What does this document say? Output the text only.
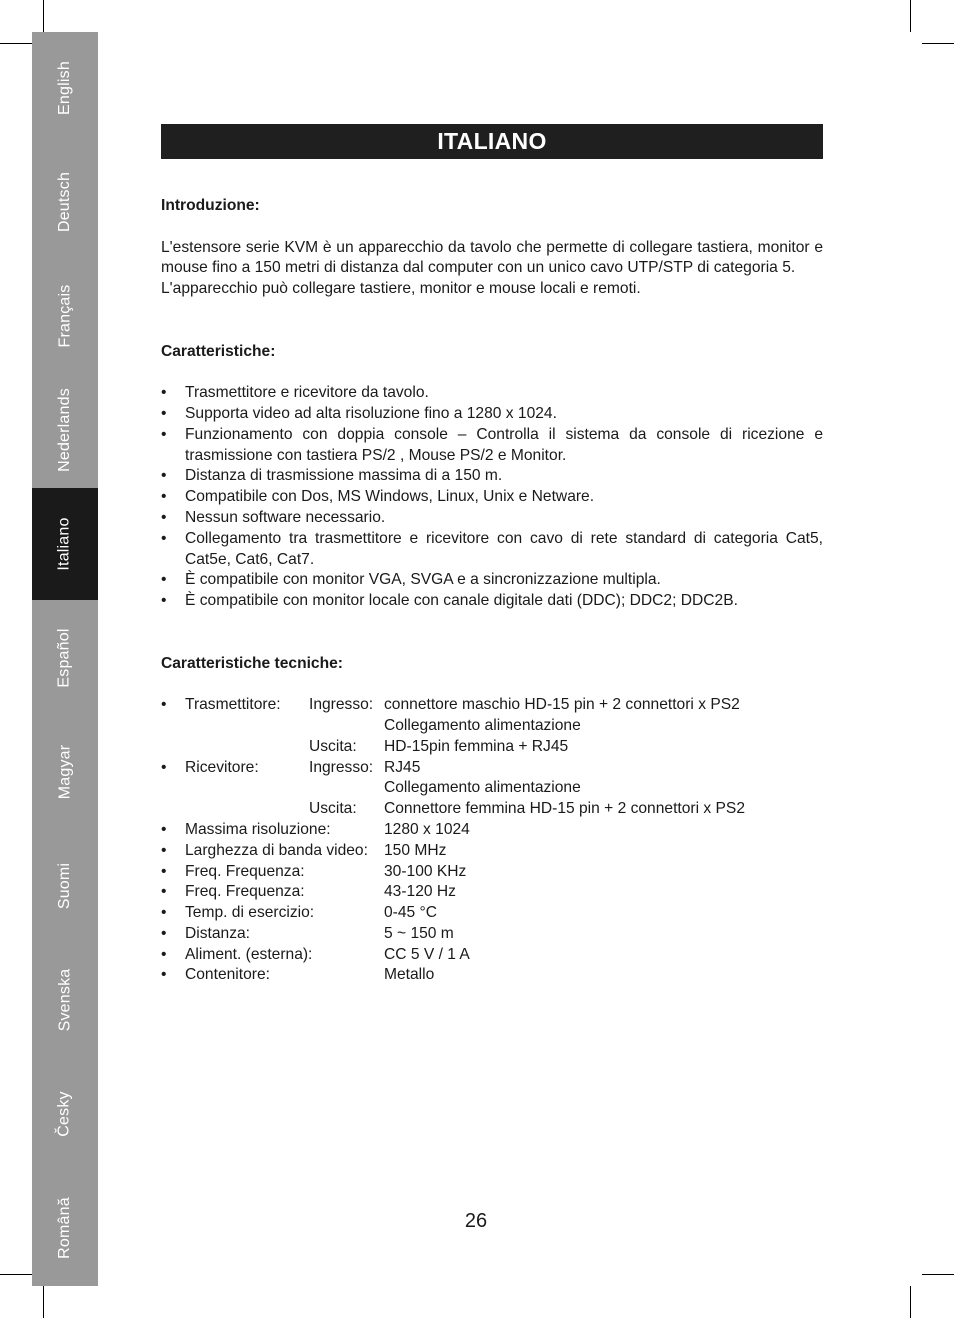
English
Deutsch
Français
Nederlands
Italiano
Español
Magyar
Suomi
Svenska
Česky
Română
ITALIANO

Introduzione:

L'estensore serie KVM è un apparecchio da tavolo che permette di collegare tastiera, monitor e mouse fino a 150 metri di distanza dal computer con un unico cavo UTP/STP di categoria 5.

L'apparecchio può collegare tastiere, monitor e mouse locali e remoti.

Caratteristiche:

• Trasmettitore e ricevitore da tavolo.
• Supporta video ad alta risoluzione fino a 1280 x 1024.
• Funzionamento con doppia console – Controlla il sistema da console di ricezione e trasmissione con tastiera PS/2 , Mouse PS/2 e Monitor.
• Distanza di trasmissione massima di a 150 m.
• Compatibile con Dos, MS Windows, Linux, Unix e Netware.
• Nessun software necessario.
• Collegamento tra trasmettitore e ricevitore con cavo di rete standard di categoria Cat5, Cat5e, Cat6, Cat7.
• È compatibile con monitor VGA, SVGA e a sincronizzazione multipla.
• È compatibile con monitor locale con canale digitale dati (DDC); DDC2; DDC2B.

Caratteristiche tecniche:

• Trasmettitore: Ingresso: connettore maschio HD-15 pin + 2 connettori x PS2
Collegamento alimentazione
Uscita: HD-15pin femmina + RJ45
• Ricevitore:	Ingresso: RJ45
Collegamento alimentazione
Uscita: Connettore femmina HD-15 pin + 2 connettori x PS2
• Massima risoluzione:	1280 x 1024
• Larghezza di banda video: 150 MHz
• Freq. Frequenza:	30-100 KHz
• Freq. Frequenza:	43-120 Hz
• Temp. di esercizio:	0-45 °C
• Distanza:	5 ~ 150 m
• Aliment. (esterna):	CC 5 V / 1 A
• Contenitore:	Metallo
26
